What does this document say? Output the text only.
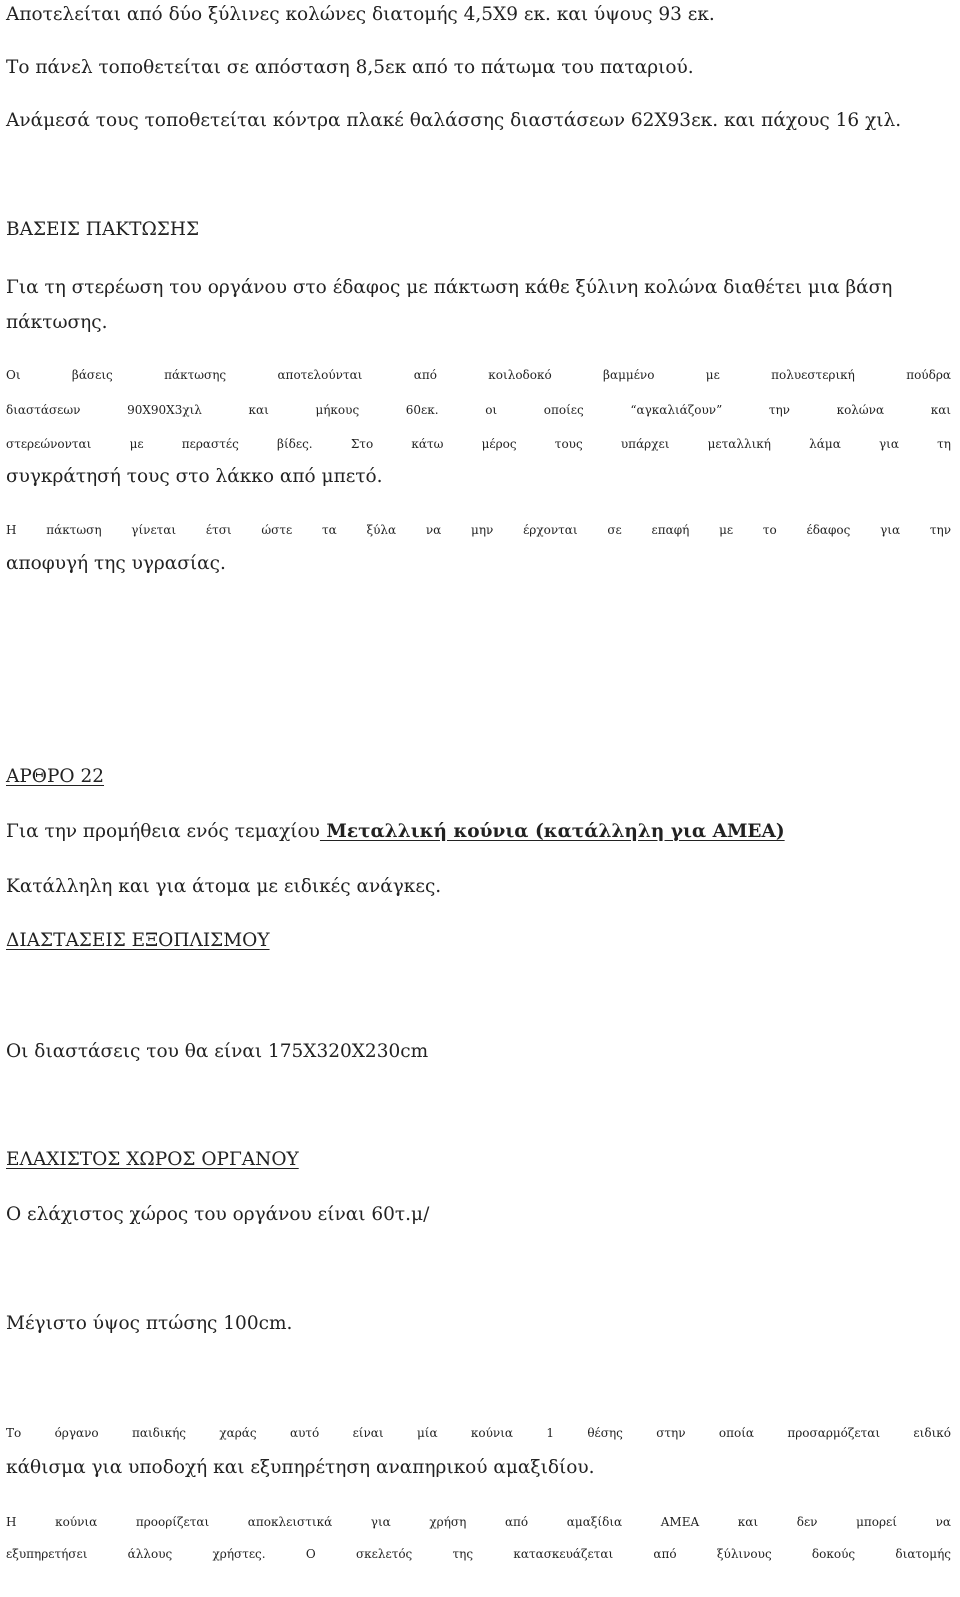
Αποτελείται από δύο ξύλινες κολώνες διατομής 4,5Χ9 εκ. και ύψους 93 εκ.
Το πάνελ τοποθετείται σε απόσταση 8,5εκ από το πάτωμα του παταριού.
Ανάμεσά τους τοποθετείται κόντρα πλακέ θαλάσσης διαστάσεων 62Χ93εκ. και πάχους 16 χιλ.
ΒΑΣΕΙΣ ΠΑΚΤΩΣΗΣ
Για τη στερέωση του οργάνου στο έδαφος με πάκτωση κάθε ξύλινη κολώνα διαθέτει μια βάση
πάκτωσης.
Οι βάσεις πάκτωσης αποτελούνται από κοιλοδοκό βαμμένο με πολυεστερική πούδρα
διαστάσεων 90Χ90Χ3χιλ και μήκους 60εκ. οι οποίες “αγκαλιάζουν” την κολώνα και
στερεώνονται με περαστές βίδες. Στο κάτω μέρος τους υπάρχει μεταλλική λάμα για τη
συγκράτησή τους στο λάκκο από μπετό.
Η πάκτωση γίνεται έτσι ώστε τα ξύλα να μην έρχονται σε επαφή με το έδαφος για την
αποφυγή της υγρασίας.
ΑΡΘΡΟ 22
Για την προμήθεια ενός τεμαχίου Μεταλλική κούνια (κατάλληλη για ΑΜΕΑ)
Κατάλληλη και για άτομα με ειδικές ανάγκες.
ΔΙΑΣΤΑΣΕΙΣ ΕΞΟΠΛΙΣΜΟΥ
Οι διαστάσεις του θα είναι 175Χ320Χ230cm
ΕΛΑΧΙΣΤΟΣ ΧΩΡΟΣ ΟΡΓΑΝΟΥ
Ο ελάχιστος χώρος του οργάνου είναι 60τ.μ/
Μέγιστο ύψος πτώσης 100cm.
Το όργανο παιδικής χαράς αυτό είναι μία κούνια 1 θέσης στην οποία προσαρμόζεται ειδικό
κάθισμα για υποδοχή και εξυπηρέτηση αναπηρικού αμαξιδίου.
Η κούνια προορίζεται αποκλειστικά για χρήση από αμαξίδια ΑΜΕΑ και δεν μπορεί να
εξυπηρετήσει άλλους χρήστες. Ο σκελετός της κατασκευάζεται από ξύλινους δοκούς διατομής
